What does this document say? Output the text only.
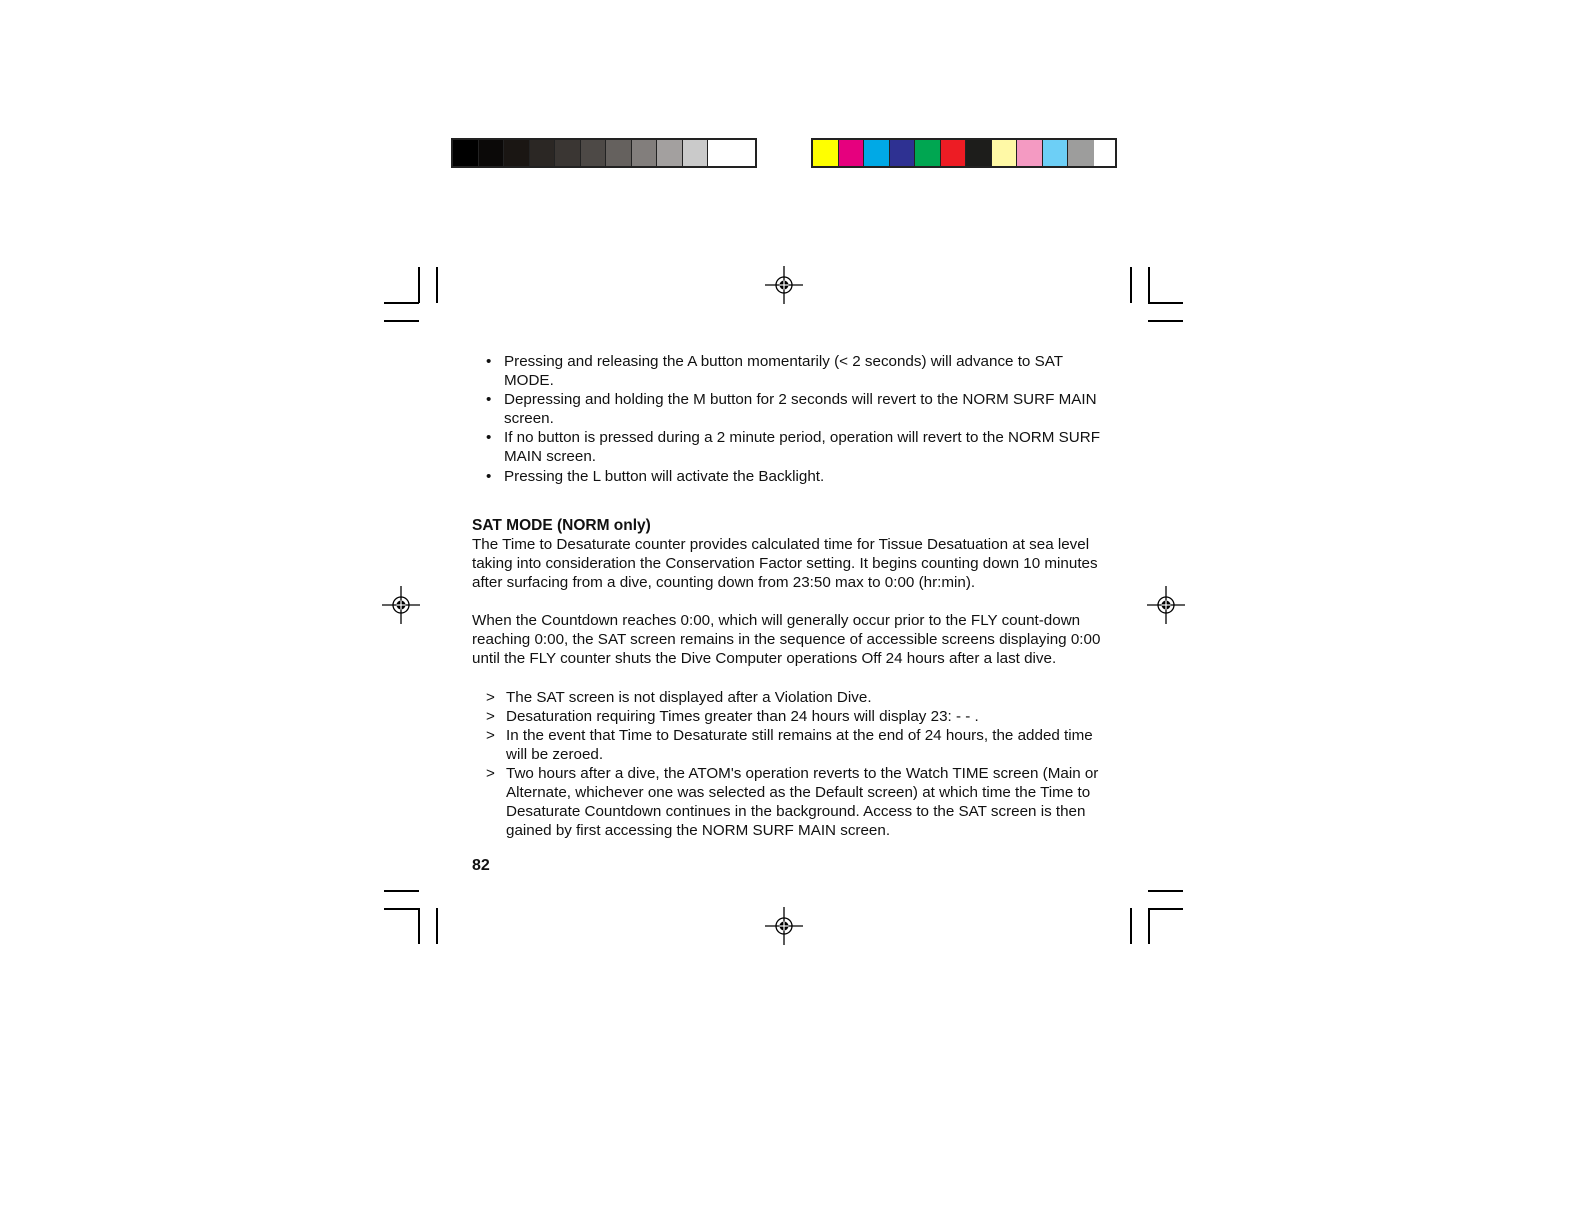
• Pressing and releasing the A button momentarily (< 2 seconds) will advance to SAT MODE.
• Depressing and holding the M button for 2 seconds will revert to the NORM SURF MAIN screen.
• If no button is pressed during a 2 minute period, operation will revert to the NORM SURF MAIN screen.
• Pressing the L button will activate the Backlight.
SAT MODE (NORM only)

The Time to Desaturate counter provides calculated time for Tissue Desatuation at sea level taking into consideration the Conservation Factor setting. It begins counting down 10 minutes after surfacing from a dive, counting down from 23:50 max to 0:00 (hr:min).

When the Countdown reaches 0:00, which will generally occur prior to the FLY count-down reaching 0:00, the SAT screen remains in the sequence of accessible screens displaying 0:00 until the FLY counter shuts the Dive Computer operations Off 24 hours after a last dive.

> The SAT screen is not displayed after a Violation Dive.
> Desaturation requiring Times greater than 24 hours will display 23: - - .
> In the event that Time to Desaturate still remains at the end of 24 hours, the added time will be zeroed.
> Two hours after a dive, the ATOM's operation reverts to the Watch TIME screen (Main or Alternate, whichever one was selected as the Default screen) at which time the Time to Desaturate Countdown continues in the background. Access to the SAT screen is then gained by first accessing the NORM SURF MAIN screen.
82
